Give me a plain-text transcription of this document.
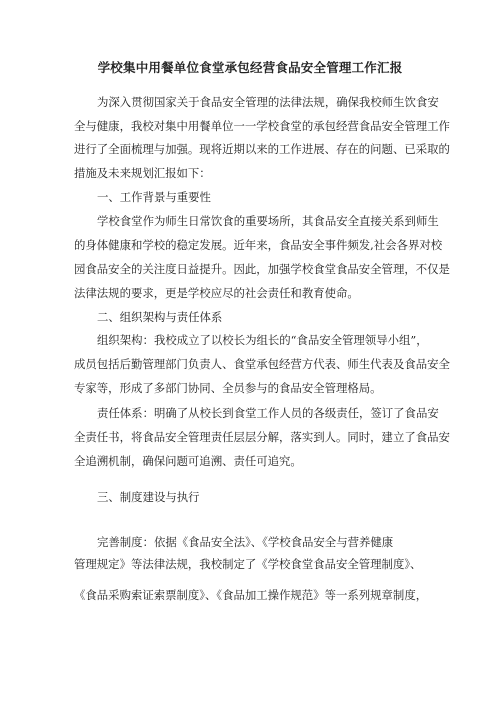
学校集中用餐单位食堂承包经营食品安全管理工作汇报
为深入贯彻国家关于食品安全管理的法律法规，确保我校师生饮食安
全与健康，我校对集中用餐单位一一学校食堂的承包经营食品安全管理工作
进行了全面梳理与加强。现将近期以来的工作进展、存在的问题、已采取的
措施及未来规划汇报如下：
一、工作背景与重要性
学校食堂作为师生日常饮食的重要场所，其食品安全直接关系到师生
的身体健康和学校的稳定发展。近年来，食品安全事件频发,社会各界对校
园食品安全的关注度日益提升。因此，加强学校食堂食品安全管理，不仅是
法律法规的要求，更是学校应尽的社会责任和教育使命。
二、组织架构与责任体系
组织架构：我校成立了以校长为组长的“食品安全管理领导小组”，
成员包括后勤管理部门负责人、食堂承包经营方代表、师生代表及食品安全
专家等，形成了多部门协同、全员参与的食品安全管理格局。
责任体系：明确了从校长到食堂工作人员的各级责任，签订了食品安
全责任书，将食品安全管理责任层层分解，落实到人。同时，建立了食品安
全追溯机制，确保问题可追溯、责任可追究。
三、制度建设与执行
完善制度：依据《食品安全法》、《学校食品安全与营养健康
管理规定》等法律法规，我校制定了《学校食堂食品安全管理制度》、
《食品采购索证索票制度》、《食品加工操作规范》等一系列规章制度，
